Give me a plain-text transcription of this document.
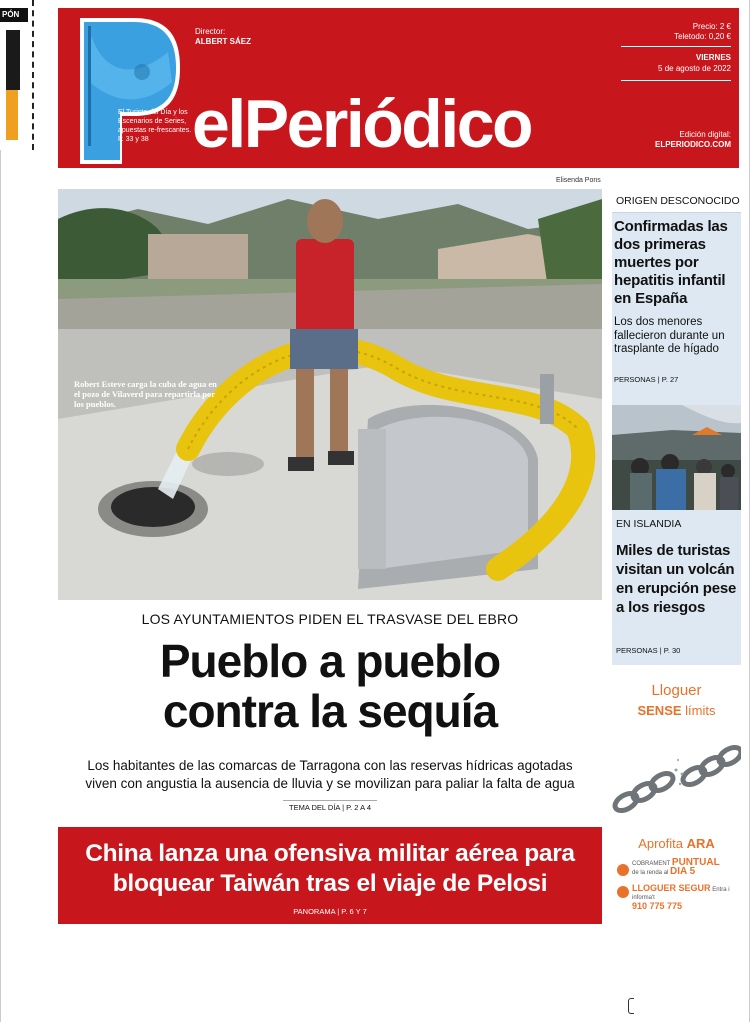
PÓN
El Turista del Día y los Escenarios de Series, apuestas re-frescantes. P. 33 y 38
Director:
ALBERT SÁEZ
elPeriódico
Precio: 2 €
Teletodo: 0,20 €
VIERNES
5 de agosto de 2022
Edición digital:
ELPERIODICO.COM
Elisenda Pons
Robert Esteve carga la cuba de agua en el pozo de Vilaverd para repartirla por los pueblos.
LOS AYUNTAMIENTOS PIDEN EL TRASVASE DEL EBRO
Pueblo a pueblo
contra la sequía

Los habitantes de las comarcas de Tarragona con las reservas hídricas agotadas
viven con angustia la ausencia de lluvia y se movilizan para paliar la falta de agua

TEMA DEL DÍA | P. 2 A 4
China lanza una ofensiva militar aérea para
bloquear Taiwán tras el viaje de Pelosi
PANORAMA | P. 6 Y 7
ORIGEN DESCONOCIDO
Confirmadas las dos primeras muertes por hepatitis infantil en España

Los dos menores fallecieron durante un trasplante de hígado

PERSONAS | P. 27
EN ISLANDIA
Miles de turistas visitan un volcán en erupción pese a los riesgos
PERSONAS | P. 30
Lloguer
SENSE límits
Aprofita ARA
COBRAMENT PUNTUAL
de la renda al DIA 5
LLOGUER SEGUR Entra i informa't
910 775 775
